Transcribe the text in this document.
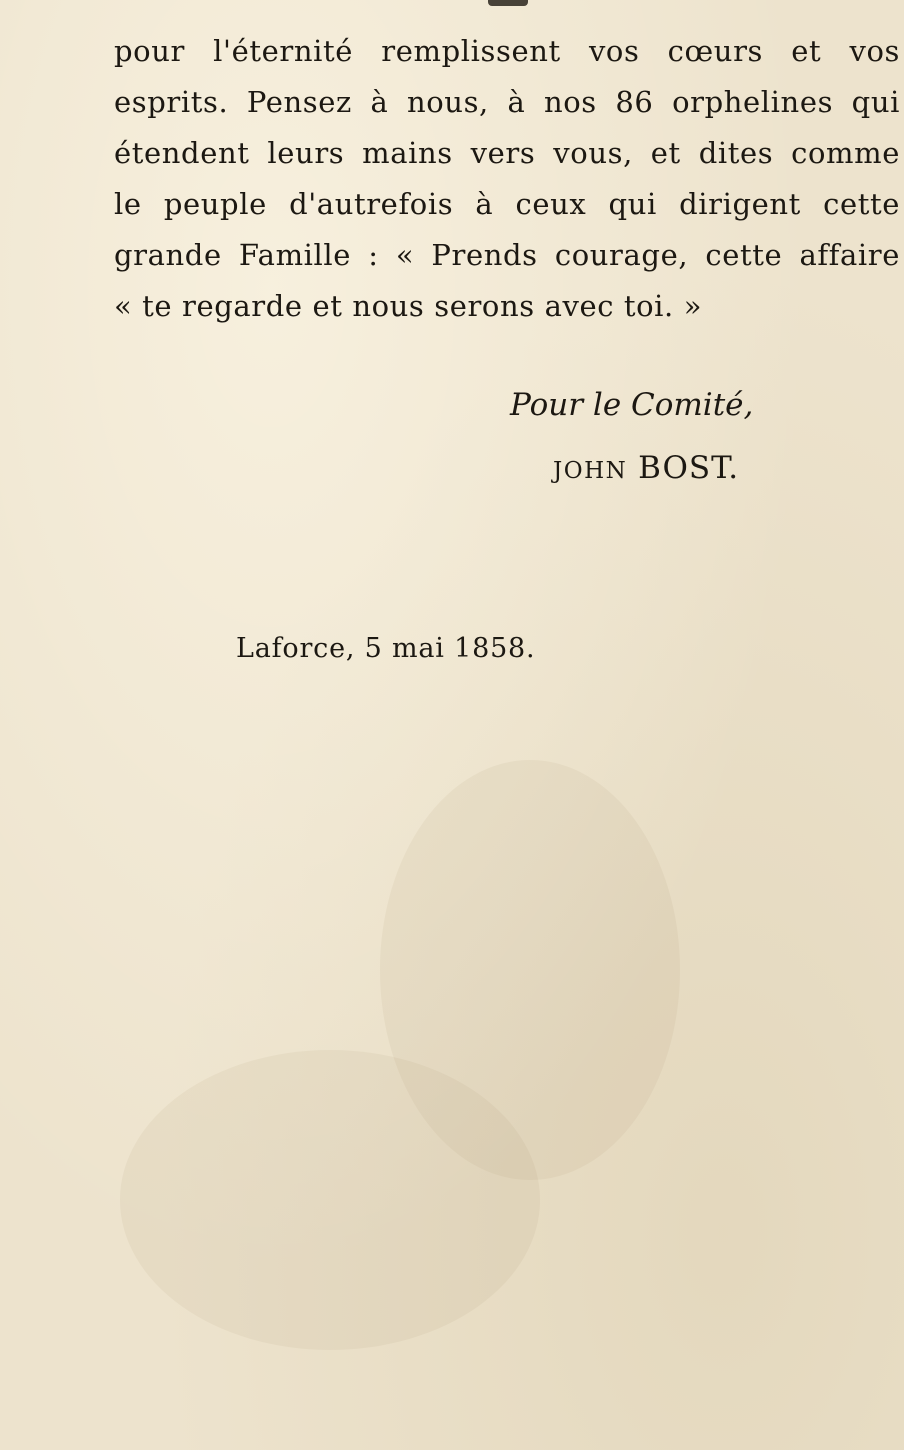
pour l'éternité remplissent vos cœurs et vos
esprits. Pensez à nous, à nos 86 orphelines qui
étendent leurs mains vers vous, et dites comme
le peuple d'autrefois à ceux qui dirigent cette
grande Famille : « Prends courage, cette affaire
« te regarde et nous serons avec toi. »
Pour le Comité,
JOHN BOST.
Laforce, 5 mai 1858.
